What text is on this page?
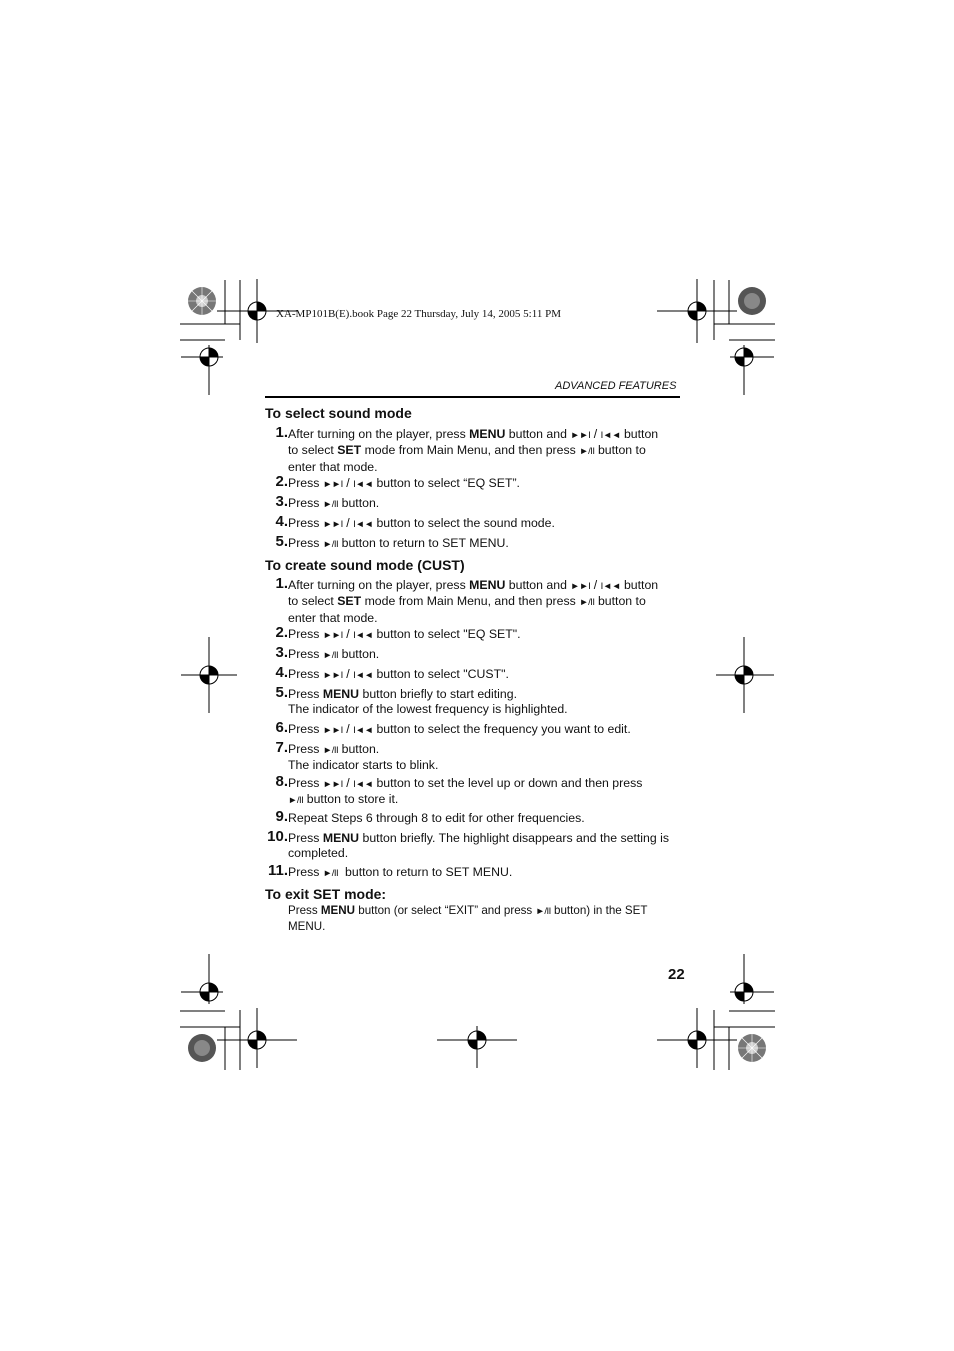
XA-MP101B(E).book Page 22 Thursday, July 14, 2005 5:11 PM
ADVANCED FEATURES
To select sound mode
1. After turning on the player, press MENU button and ►►I / I◄◄ button
to select SET mode from Main Menu, and then press ►/II button to
enter that mode.
2. Press ►►I / I◄◄ button to select “EQ SET”.
3. Press ►/II button.
4. Press ►►I / I◄◄ button to select the sound mode.
5. Press ►/II button to return to SET MENU.
To create sound mode (CUST)
1. After turning on the player, press MENU button and ►►I / I◄◄ button
to select SET mode from Main Menu, and then press ►/II button to
enter that mode.
2. Press ►►I / I◄◄ button to select "EQ SET".
3. Press ►/II button.
4. Press ►►I / I◄◄ button to select "CUST".
5. Press MENU button briefly to start editing.
The indicator of the lowest frequency is highlighted.
6. Press ►►I / I◄◄ button to select the frequency you want to edit.
7. Press ►/II button.
The indicator starts to blink.
8. Press ►►I / I◄◄ button to set the level up or down and then press
►/II button to store it.
9. Repeat Steps 6 through 8 to edit for other frequencies.
10. Press MENU button briefly. The highlight disappears and the setting is
completed.
11. Press ►/II button to return to SET MENU.
To exit SET mode:
Press MENU button (or select “EXIT” and press ►/II button) in the SET
MENU.
22
